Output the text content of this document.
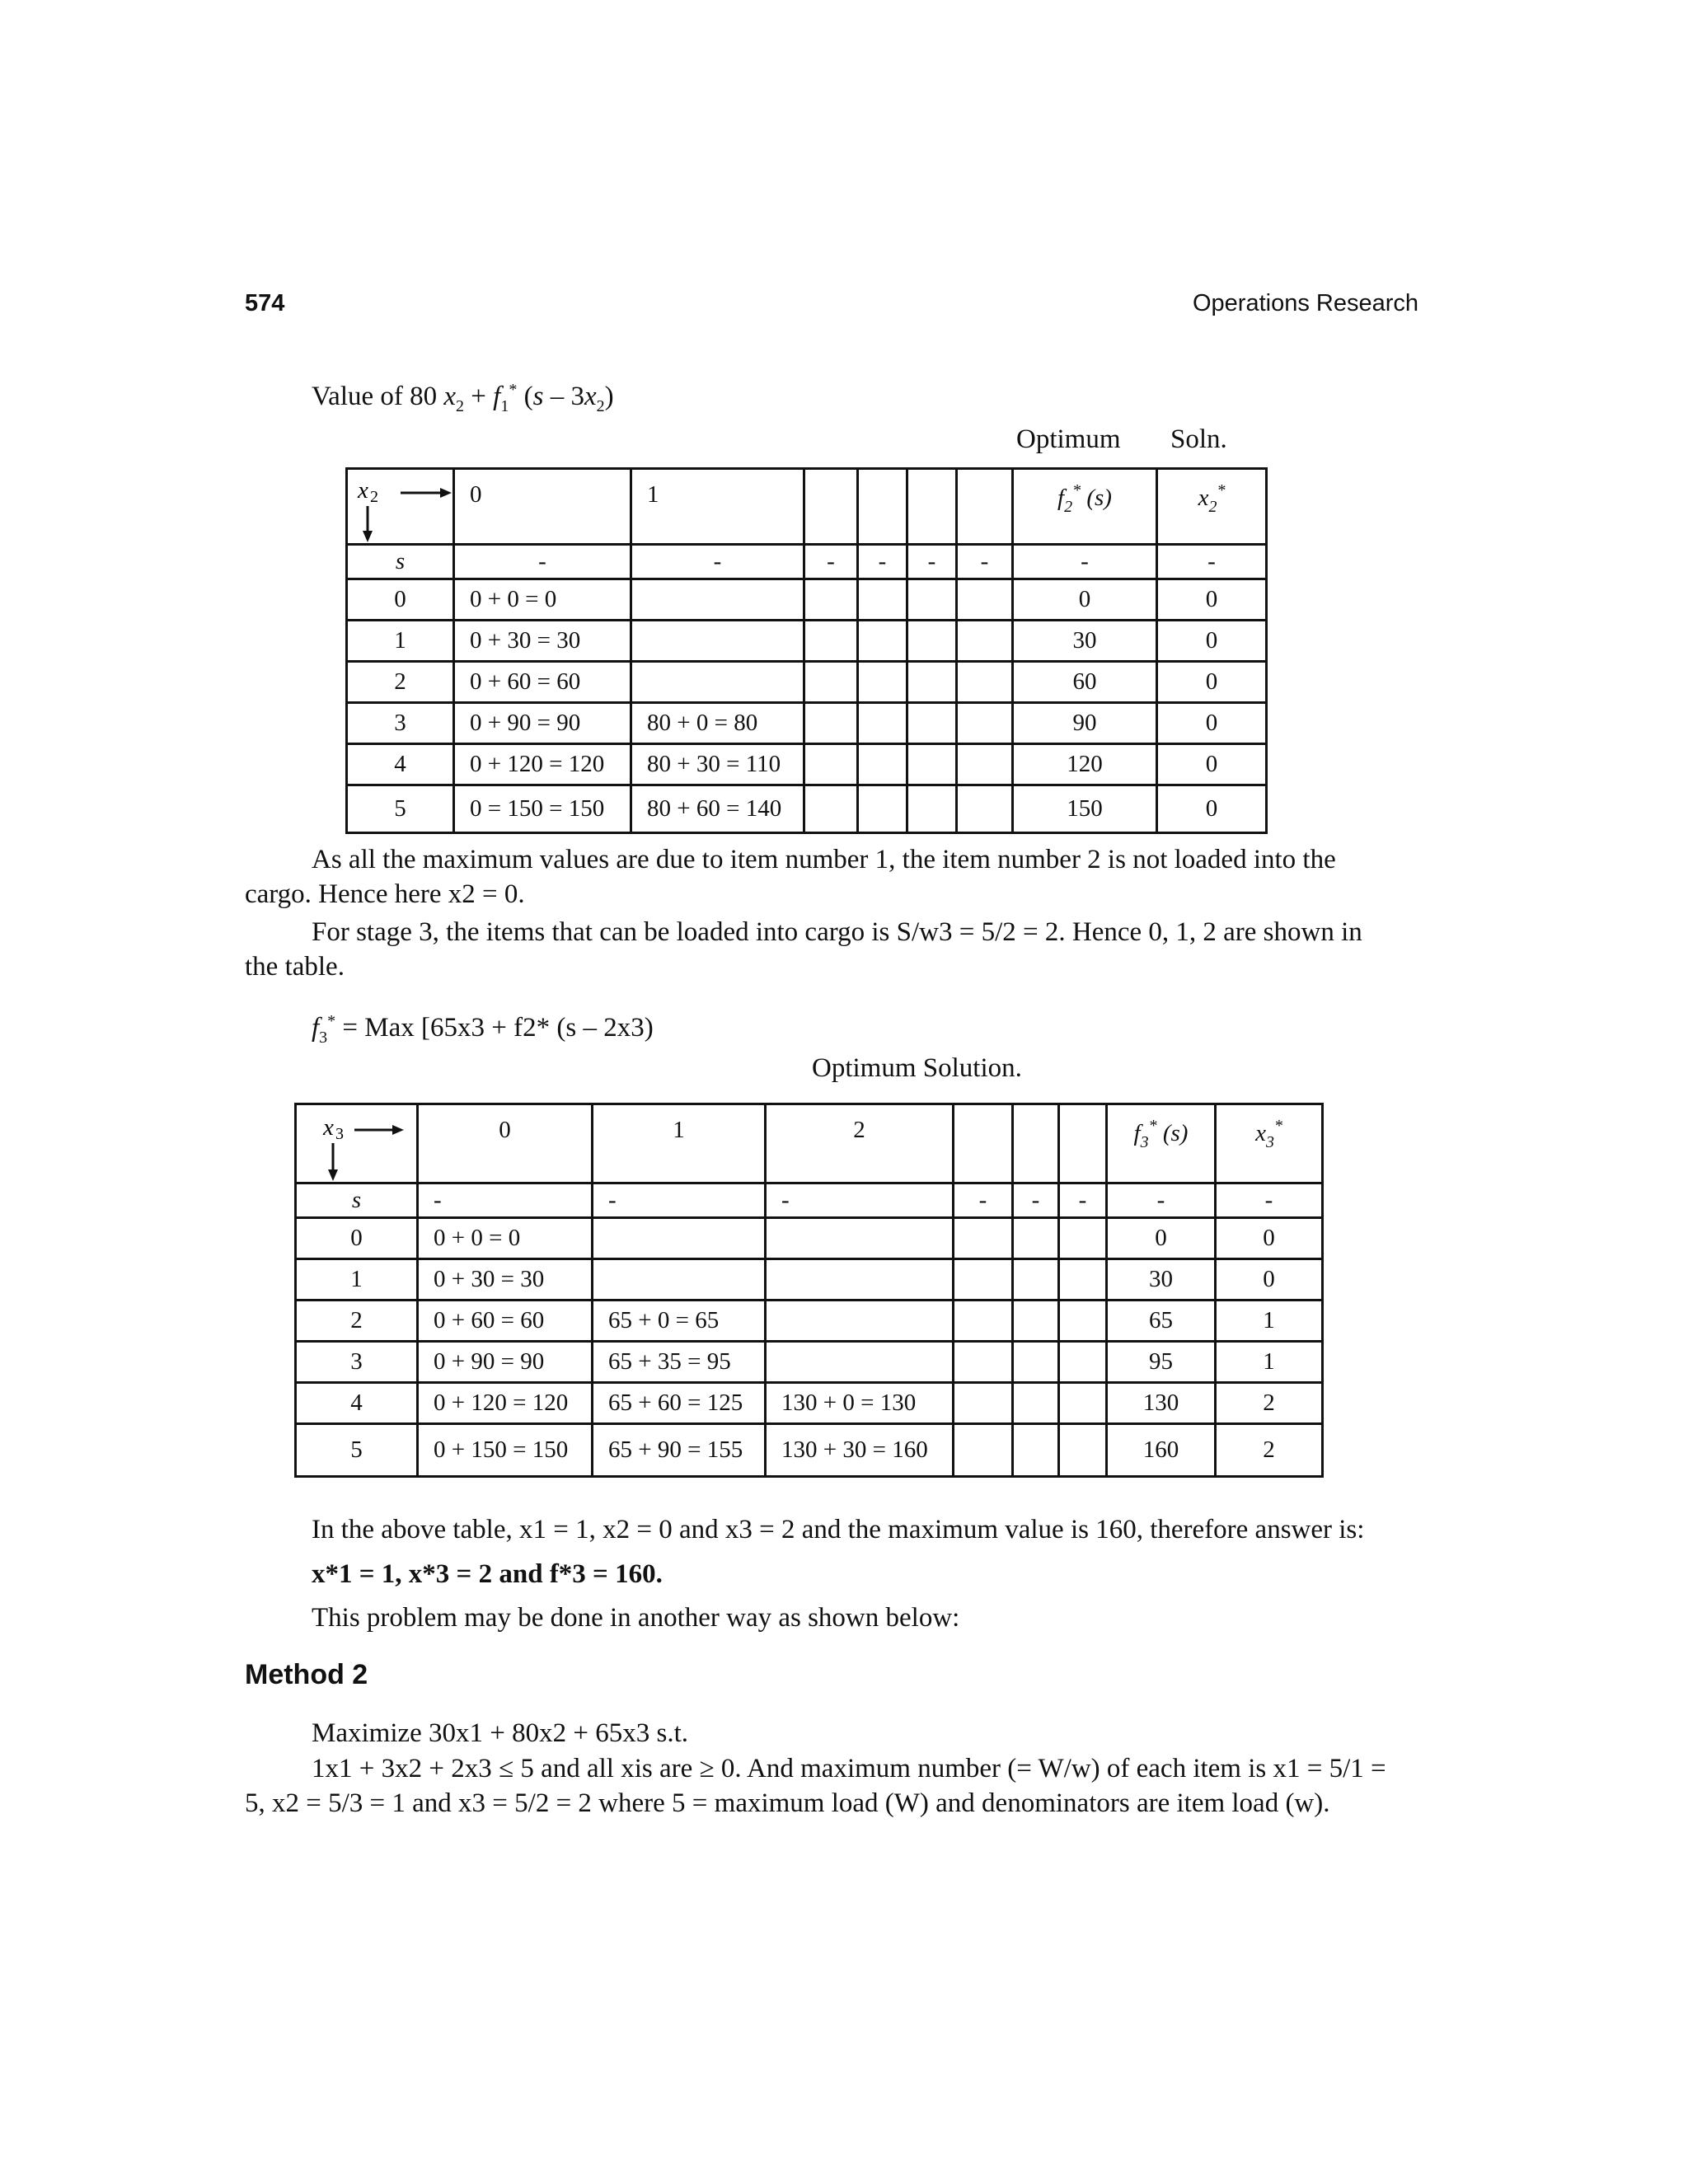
574	Operations Research
Value of 80 $x_2 + f_1^*$ $(s - 3x_2)$
Optimum Soln.
x 2	0	1					$f_2^*$ (s)	$x_2^*$
s	-	-	-	-	-	-	-	-
0	0 + 0 = 0						0	0
1	0 + 30 = 30						30	0
2	0 + 60 = 60						60	0
3	0 + 90 = 90	80 + 0 = 80					90	0
4	0 + 120 = 120	80 + 30 = 110					120	0
5	0 = 150 = 150	80 + 60 = 140					150	0
As all the maximum values are due to item number 1, the item number 2 is not loaded into the
cargo. Hence here x2 = 0.
For stage 3, the items that can be loaded into cargo is S/w3 = 5/2 = 2. Hence 0, 1, 2 are shown in
the table.
$f_3^*$ = Max [65x3 + f2* (s – 2x3)
Optimum Solution.
x 3	0	1	2				$f_3^*$ (s)	$x_3^*$
s	-	-	-	-	-	-	-	-
0	0 + 0 = 0						0	0
1	0 + 30 = 30						30	0
2	0 + 60 = 60	65 + 0 = 65					65	1
3	0 + 90 = 90	65 + 35 = 95					95	1
4	0 + 120 = 120	65 + 60 = 125	130 + 0 = 130				130	2
5	0 + 150 = 150	65 + 90 = 155	130 + 30 = 160				160	2
In the above table, x1 = 1, x2 = 0 and x3 = 2 and the maximum value is 160, therefore answer is:
x*1 = 1, x*3 = 2 and f*3 = 160.
This problem may be done in another way as shown below:
Method 2
Maximize 30x1 + 80x2 + 65x3 s.t.
1x1 + 3x2 + 2x3 ≤ 5 and all xis are ≥ 0. And maximum number (= W/w) of each item is x1 = 5/1 =
5, x2 = 5/3 = 1 and x3 = 5/2 = 2 where 5 = maximum load (W) and denominators are item load (w).
